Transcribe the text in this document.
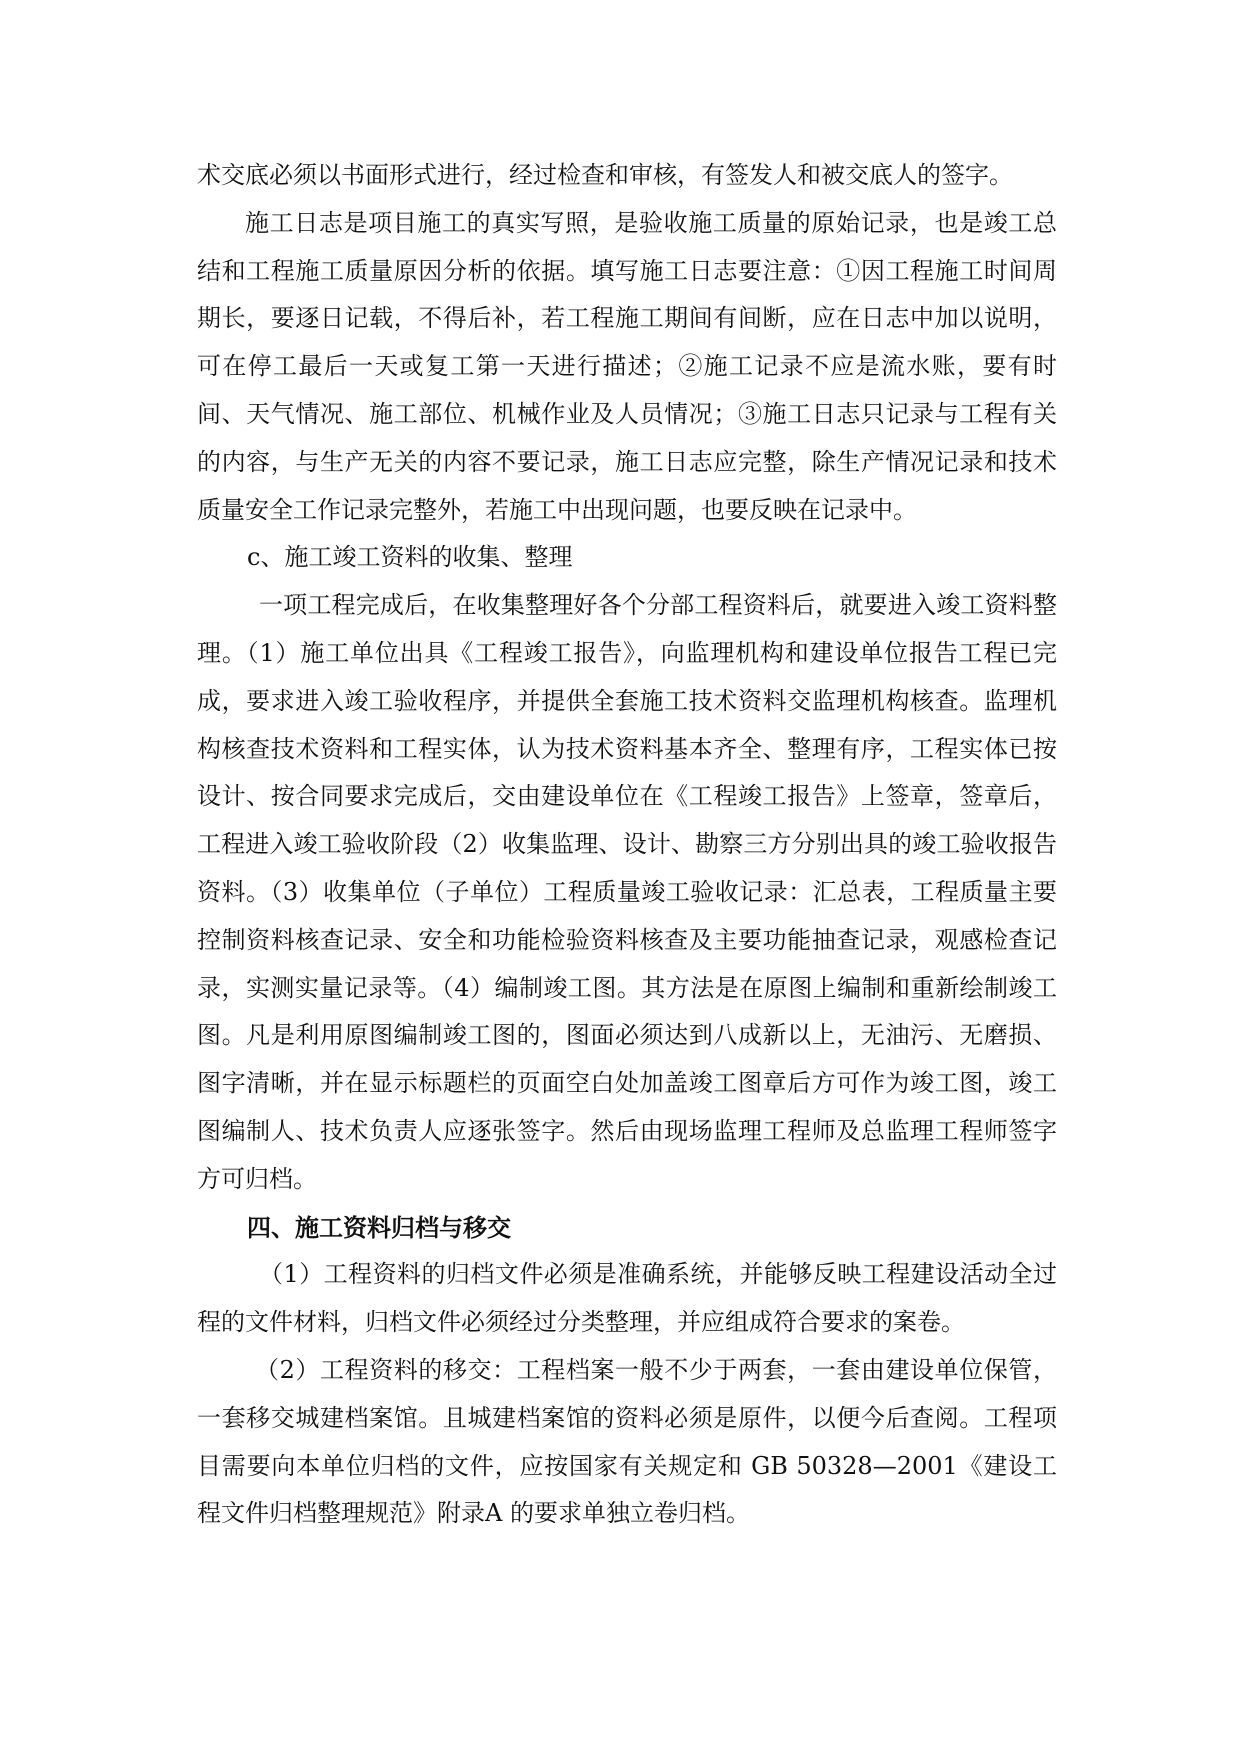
术交底必须以书面形式进行，经过检查和审核，有签发人和被交底人的签字。

施工日志是项目施工的真实写照，是验收施工质量的原始记录，也是竣工总结和工程施工质量原因分析的依据。填写施工日志要注意：①因工程施工时间周期长，要逐日记载，不得后补，若工程施工期间有间断，应在日志中加以说明，可在停工最后一天或复工第一天进行描述；②施工记录不应是流水账，要有时间、天气情况、施工部位、机械作业及人员情况；③施工日志只记录与工程有关的内容，与生产无关的内容不要记录，施工日志应完整，除生产情况记录和技术质量安全工作记录完整外，若施工中出现问题，也要反映在记录中。

c、施工竣工资料的收集、整理

一项工程完成后，在收集整理好各个分部工程资料后，就要进入竣工资料整理。（1）施工单位出具《工程竣工报告》，向监理机构和建设单位报告工程已完成，要求进入竣工验收程序，并提供全套施工技术资料交监理机构核查。监理机构核查技术资料和工程实体，认为技术资料基本齐全、整理有序，工程实体已按设计、按合同要求完成后，交由建设单位在《工程竣工报告》上签章，签章后，工程进入竣工验收阶段（2）收集监理、设计、勘察三方分别出具的竣工验收报告资料。（3）收集单位（子单位）工程质量竣工验收记录：汇总表，工程质量主要控制资料核查记录、安全和功能检验资料核查及主要功能抽查记录，观感检查记录，实测实量记录等。（4）编制竣工图。其方法是在原图上编制和重新绘制竣工图。凡是利用原图编制竣工图的，图面必须达到八成新以上，无油污、无磨损、图字清晰，并在显示标题栏的页面空白处加盖竣工图章后方可作为竣工图，竣工图编制人、技术负责人应逐张签字。然后由现场监理工程师及总监理工程师签字方可归档。

四、施工资料归档与移交

（1）工程资料的归档文件必须是准确系统，并能够反映工程建设活动全过程的文件材料，归档文件必须经过分类整理，并应组成符合要求的案卷。

（2）工程资料的移交：工程档案一般不少于两套，一套由建设单位保管，一套移交城建档案馆。且城建档案馆的资料必须是原件，以便今后查阅。工程项目需要向本单位归档的文件，应按国家有关规定和 GB 50328—2001《建设工程文件归档整理规范》附录A 的要求单独立卷归档。
